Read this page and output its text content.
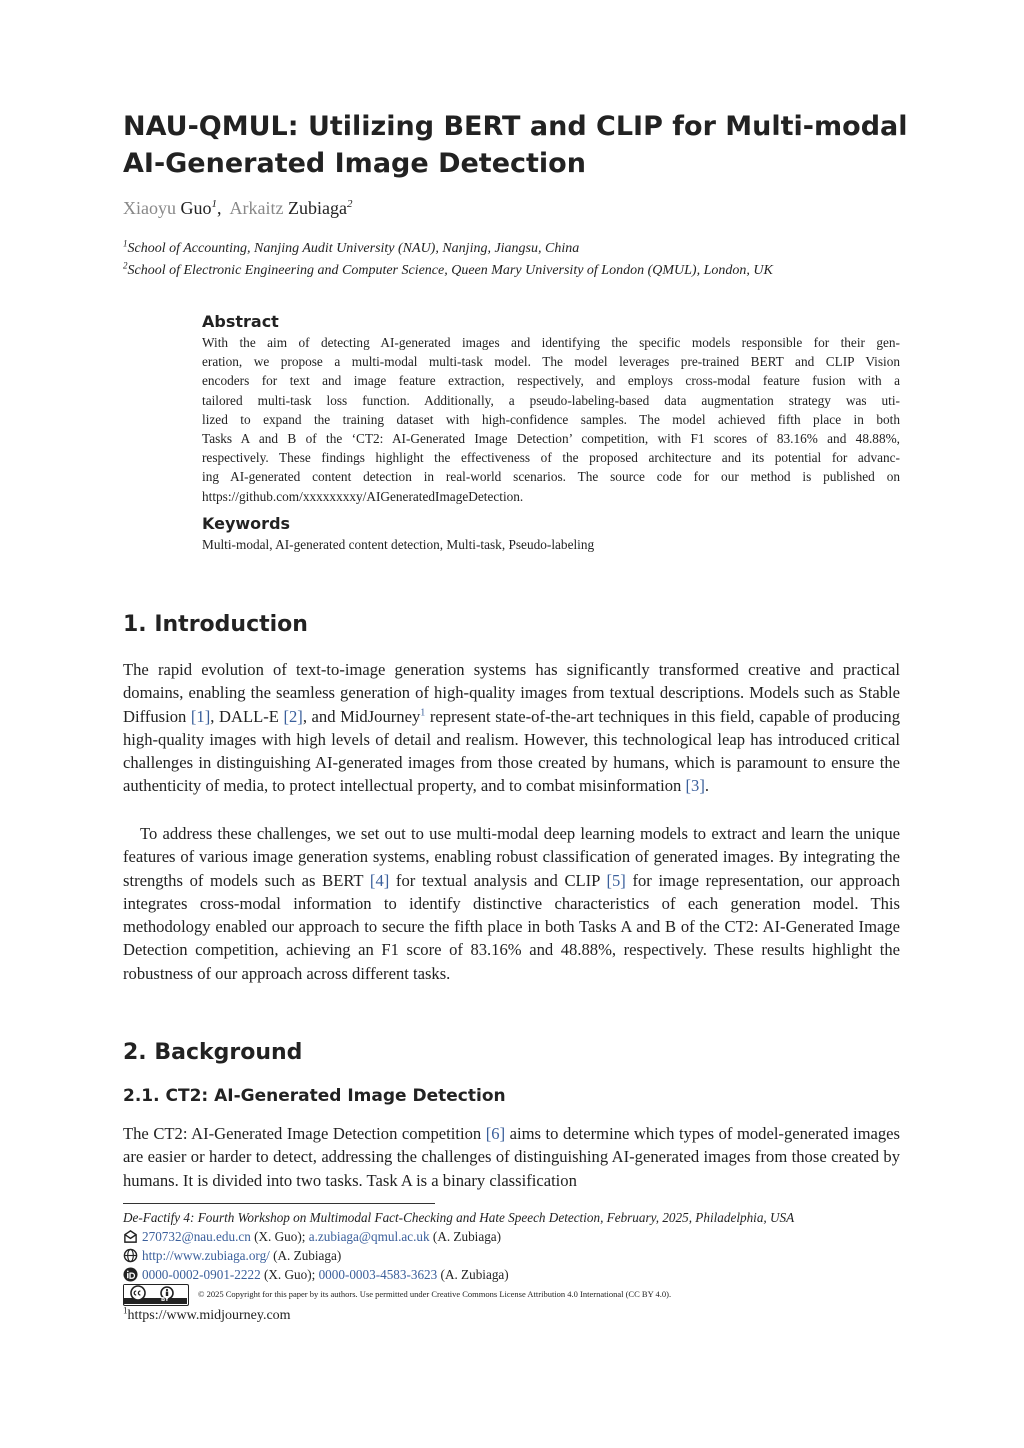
NAU-QMUL: Utilizing BERT and CLIP for Multi-modal
AI-Generated Image Detection
Xiaoyu Guo$^1$,  Arkaitz Zubiaga$^2$
$^1$School of Accounting, Nanjing Audit University (NAU), Nanjing, Jiangsu, China
$^2$School of Electronic Engineering and Computer Science, Queen Mary University of London (QMUL), London, UK
Abstract
With the aim of detecting AI-generated images and identifying the specific models responsible for their gen-
eration, we propose a multi-modal multi-task model. The model leverages pre-trained BERT and CLIP Vision
encoders for text and image feature extraction, respectively, and employs cross-modal feature fusion with a
tailored multi-task loss function. Additionally, a pseudo-labeling-based data augmentation strategy was uti-
lized to expand the training dataset with high-confidence samples. The model achieved fifth place in both
Tasks A and B of the ‘CT2: AI-Generated Image Detection’ competition, with F1 scores of 83.16% and 48.88%,
respectively. These findings highlight the effectiveness of the proposed architecture and its potential for advanc-
ing AI-generated content detection in real-world scenarios. The source code for our method is published on
https://github.com/xxxxxxxxy/AIGeneratedImageDetection.
Keywords
Multi-modal, AI-generated content detection, Multi-task, Pseudo-labeling
1. Introduction

The rapid evolution of text-to-image generation systems has significantly transformed creative and practical domains, enabling the seamless generation of high-quality images from textual descriptions. Models such as Stable Diffusion [1], DALL-E [2], and MidJourney$^1$ represent state-of-the-art techniques in this field, capable of producing high-quality images with high levels of detail and realism. However, this technological leap has introduced critical challenges in distinguishing AI-generated images from those created by humans, which is paramount to ensure the authenticity of media, to protect intellectual property, and to combat misinformation [3].

To address these challenges, we set out to use multi-modal deep learning models to extract and learn the unique features of various image generation systems, enabling robust classification of generated images. By integrating the strengths of models such as BERT [4] for textual analysis and CLIP [5] for image representation, our approach integrates cross-modal information to identify distinctive characteristics of each generation model. This methodology enabled our approach to secure the fifth place in both Tasks A and B of the CT2: AI-Generated Image Detection competition, achieving an F1 score of 83.16% and 48.88%, respectively. These results highlight the robustness of our approach across different tasks.

2. Background
2.1. CT2: AI-Generated Image Detection

The CT2: AI-Generated Image Detection competition [6] aims to determine which types of model-generated images are easier or harder to detect, addressing the challenges of distinguishing AI-generated images from those created by humans. It is divided into two tasks. Task A is a binary classification

De-Factify 4: Fourth Workshop on Multimodal Fact-Checking and Hate Speech Detection, February, 2025, Philadelphia, USA
270732@nau.edu.cn (X. Guo); a.zubiaga@qmul.ac.uk (A. Zubiaga)
http://www.zubiaga.org/ (A. Zubiaga)
0000-0002-0901-2222 (X. Guo); 0000-0003-4583-3623 (A. Zubiaga)
BY
© 2025 Copyright for this paper by its authors. Use permitted under Creative Commons License Attribution 4.0 International (CC BY 4.0).
$^1$https://www.midjourney.com
